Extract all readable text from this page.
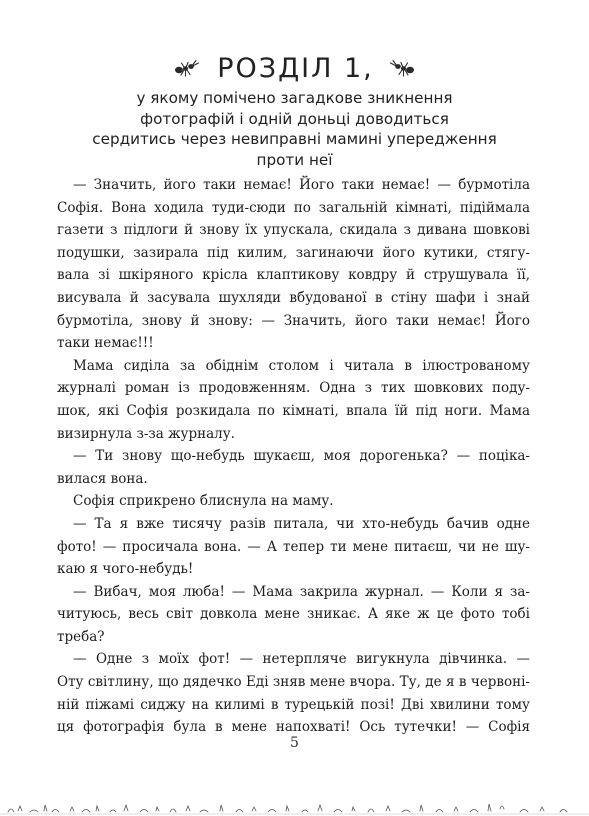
РОЗДІЛ 1,
у якому помічено загадкове зникнення
фотографій і одній доньці доводиться
сердитись через невиправні мамині упередження
проти неї
— Значить, його таки немає! Його таки немає! — бурмотіла
Софія. Вона ходила туди-сюди по загальній кімнаті, підіймала
газети з підлоги й знову їх упускала, скидала з дивана шовкові
подушки, зазирала під килим, загинаючи його кутики, стягу-
вала зі шкіряного крісла клаптикову ковдру й струшувала її,
висувала й засувала шухляди вбудованої в стіну шафи і знай
бурмотіла, знову й знову: — Значить, його таки немає! Його
таки немає!!!
Мама сиділа за обіднім столом і читала в ілюстрованому
журналі роман із продовженням. Одна з тих шовкових поду-
шок, які Софія розкидала по кімнаті, впала їй під ноги. Мама
визирнула з-за журналу.
— Ти знову що-небудь шукаєш, моя дорогенька? — поціка-
вилася вона.
Софія сприкрено блиснула на маму.
— Та я вже тисячу разів питала, чи хто-небудь бачив одне
фото! — просичала вона. — А тепер ти мене питаєш, чи не шу-
каю я чого-небудь!
— Вибач, моя люба! — Мама закрила журнал. — Коли я за-
читуюсь, весь світ довкола мене зникає. А яке ж це фото тобі
треба?
— Одне з моїх фот! — нетерпляче вигукнула дівчинка. —
Оту світлину, що дядечко Еді зняв мене вчора. Ту, де я в червоні-
ній піжамі сиджу на килимі в турецькій позі! Дві хвилини тому
ця фотографія була в мене напохваті! Ось тутечки! — Софія
5
